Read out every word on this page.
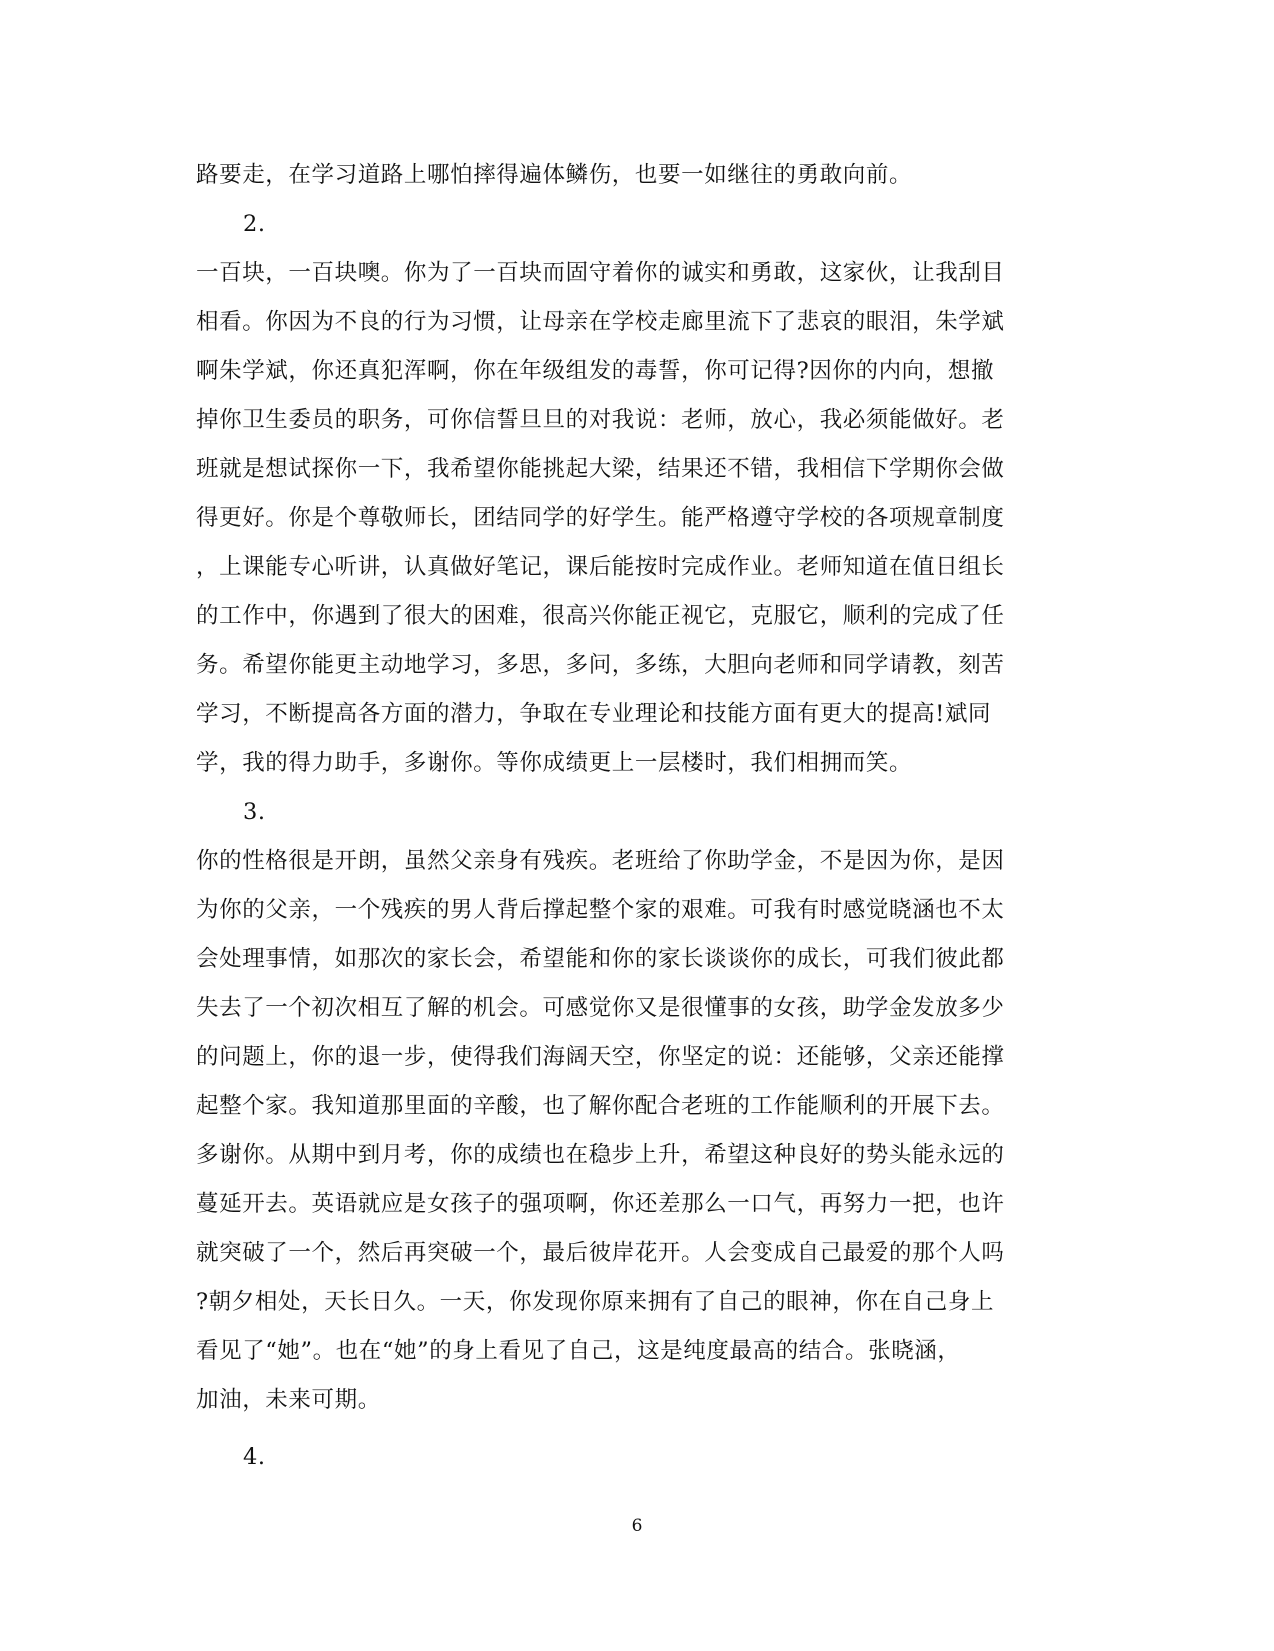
路要走，在学习道路上哪怕摔得遍体鳞伤，也要一如继往的勇敢向前。
2.
一百块，一百块噢。你为了一百块而固守着你的诚实和勇敢，这家伙，让我刮目
相看。你因为不良的行为习惯，让母亲在学校走廊里流下了悲哀的眼泪，朱学斌
啊朱学斌，你还真犯浑啊，你在年级组发的毒誓，你可记得?因你的内向，想撤
掉你卫生委员的职务，可你信誓旦旦的对我说：老师，放心，我必须能做好。老
班就是想试探你一下，我希望你能挑起大梁，结果还不错，我相信下学期你会做
得更好。你是个尊敬师长，团结同学的好学生。能严格遵守学校的各项规章制度
，上课能专心听讲，认真做好笔记，课后能按时完成作业。老师知道在值日组长
的工作中，你遇到了很大的困难，很高兴你能正视它，克服它，顺利的完成了任
务。希望你能更主动地学习，多思，多问，多练，大胆向老师和同学请教，刻苦
学习，不断提高各方面的潜力，争取在专业理论和技能方面有更大的提高!斌同
学，我的得力助手，多谢你。等你成绩更上一层楼时，我们相拥而笑。
3.
你的性格很是开朗，虽然父亲身有残疾。老班给了你助学金，不是因为你，是因
为你的父亲，一个残疾的男人背后撑起整个家的艰难。可我有时感觉晓涵也不太
会处理事情，如那次的家长会，希望能和你的家长谈谈你的成长，可我们彼此都
失去了一个初次相互了解的机会。可感觉你又是很懂事的女孩，助学金发放多少
的问题上，你的退一步，使得我们海阔天空，你坚定的说：还能够，父亲还能撑
起整个家。我知道那里面的辛酸，也了解你配合老班的工作能顺利的开展下去。
多谢你。从期中到月考，你的成绩也在稳步上升，希望这种良好的势头能永远的
蔓延开去。英语就应是女孩子的强项啊，你还差那么一口气，再努力一把，也许
就突破了一个，然后再突破一个，最后彼岸花开。人会变成自己最爱的那个人吗
?朝夕相处，天长日久。一天，你发现你原来拥有了自己的眼神，你在自己身上
看见了“她”。也在“她”的身上看见了自己，这是纯度最高的结合。张晓涵，
加油，未来可期。
4.
6
